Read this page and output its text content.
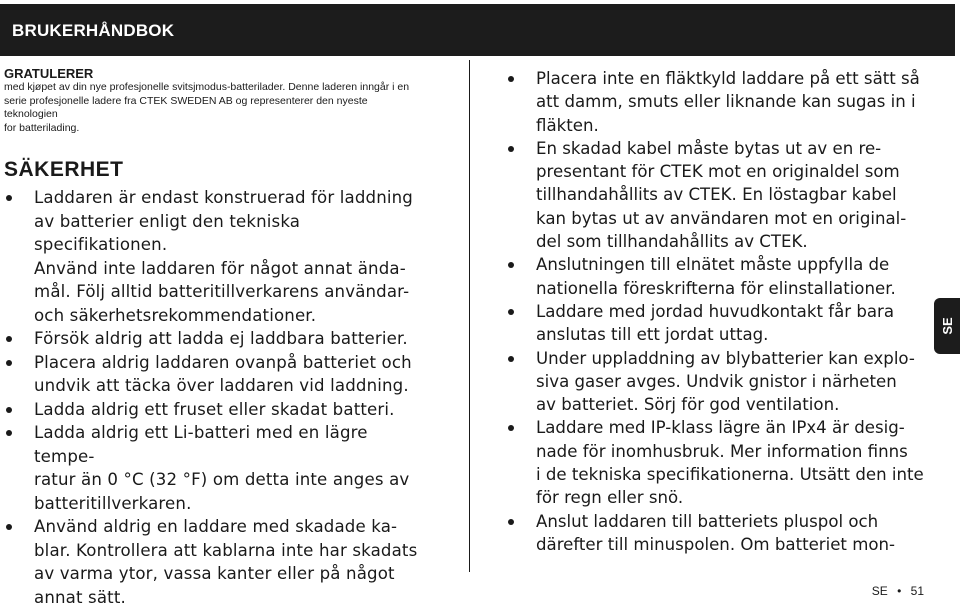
BRUKERHÅNDBOK
GRATULERER
med kjøpet av din nye profesjonelle svitsjmodus-batterilader. Denne laderen inngår i en
serie profesjonelle ladere fra CTEK SWEDEN AB og representerer den nyeste teknologien
for batterilading.
SÄKERHET
Laddaren är endast konstruerad för laddning
av batterier enligt den tekniska specifikationen.
Använd inte laddaren för något annat ända-
mål. Följ alltid batteritillverkarens användar-
och säkerhetsrekommendationer.
Försök aldrig att ladda ej laddbara batterier.
Placera aldrig laddaren ovanpå batteriet och
undvik att täcka över laddaren vid laddning.
Ladda aldrig ett fruset eller skadat batteri.
Ladda aldrig ett Li-batteri med en lägre tempe-
ratur än 0 °C (32 °F) om detta inte anges av
batteritillverkaren.
Använd aldrig en laddare med skadade ka-
blar. Kontrollera att kablarna inte har skadats
av varma ytor, vassa kanter eller på något
annat sätt.
Placera inte en fläktkyld laddare på ett sätt så
att damm, smuts eller liknande kan sugas in i
fläkten.
En skadad kabel måste bytas ut av en re-
presentant för CTEK mot en originaldel som
tillhandahållits av CTEK. En löstagbar kabel
kan bytas ut av användaren mot en original-
del som tillhandahållits av CTEK.
Anslutningen till elnätet måste uppfylla de
nationella föreskrifterna för elinstallationer.
Laddare med jordad huvudkontakt får bara
anslutas till ett jordat uttag.
Under uppladdning av blybatterier kan explo-
siva gaser avges. Undvik gnistor i närheten
av batteriet. Sörj för god ventilation.
Laddare med IP-klass lägre än IPx4 är desig-
nade för inomhusbruk. Mer information finns
i de tekniska specifikationerna. Utsätt den inte
för regn eller snö.
Anslut laddaren till batteriets pluspol och
därefter till minuspolen. Om batteriet mon-
SE
SE • 51
